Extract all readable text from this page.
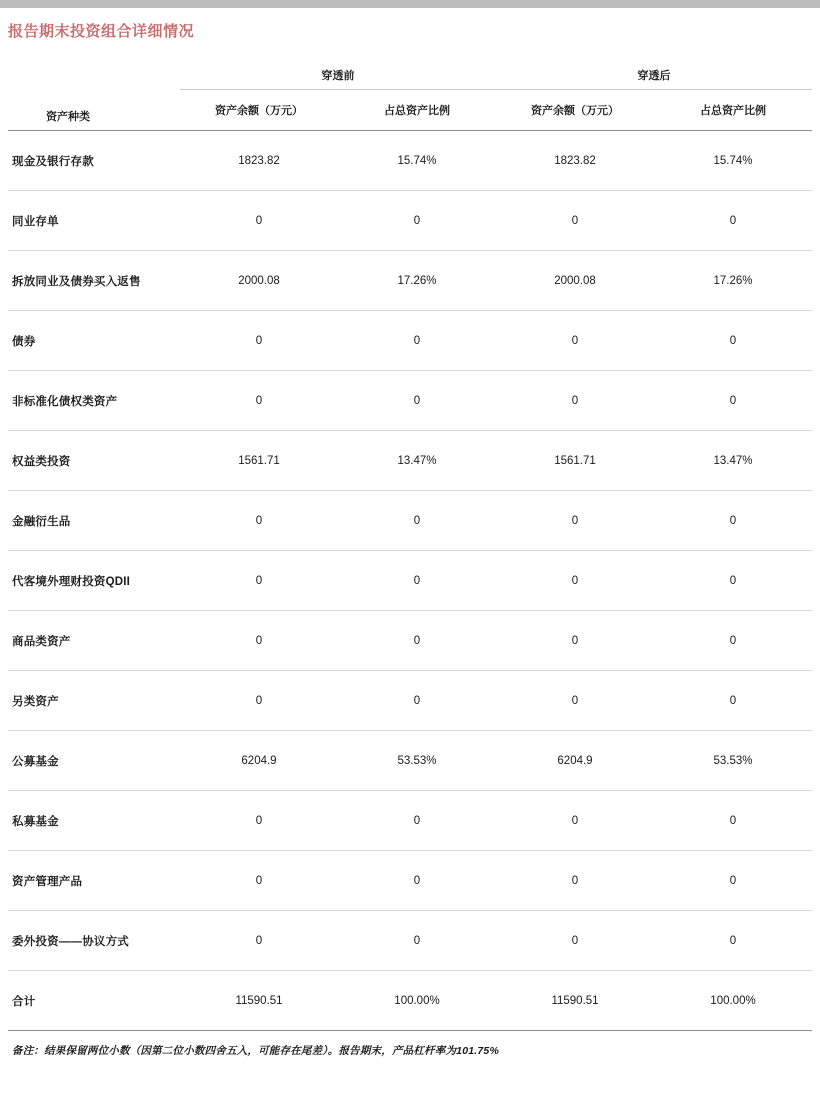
报告期末投资组合详细情况
资产种类	穿透前		穿透后	
	资产余额（万元）	占总资产比例	资产余额（万元）	占总资产比例

现金及银行存款	1823.82	15.74%	1823.82	15.74%
同业存单	0	0	0	0
拆放同业及债券买入返售	2000.08	17.26%	2000.08	17.26%
债券	0	0	0	0
非标准化债权类资产	0	0	0	0
权益类投资	1561.71	13.47%	1561.71	13.47%
金融衍生品	0	0	0	0
代客境外理财投资QDII	0	0	0	0
商品类资产	0	0	0	0
另类资产	0	0	0	0
公募基金	6204.9	53.53%	6204.9	53.53%
私募基金	0	0	0	0
资产管理产品	0	0	0	0
委外投资——协议方式	0	0	0	0
合计	11590.51	100.00%	11590.51	100.00%
备注：结果保留两位小数（因第二位小数四舍五入，可能存在尾差）。报告期末，产品杠杆率为101.75%
